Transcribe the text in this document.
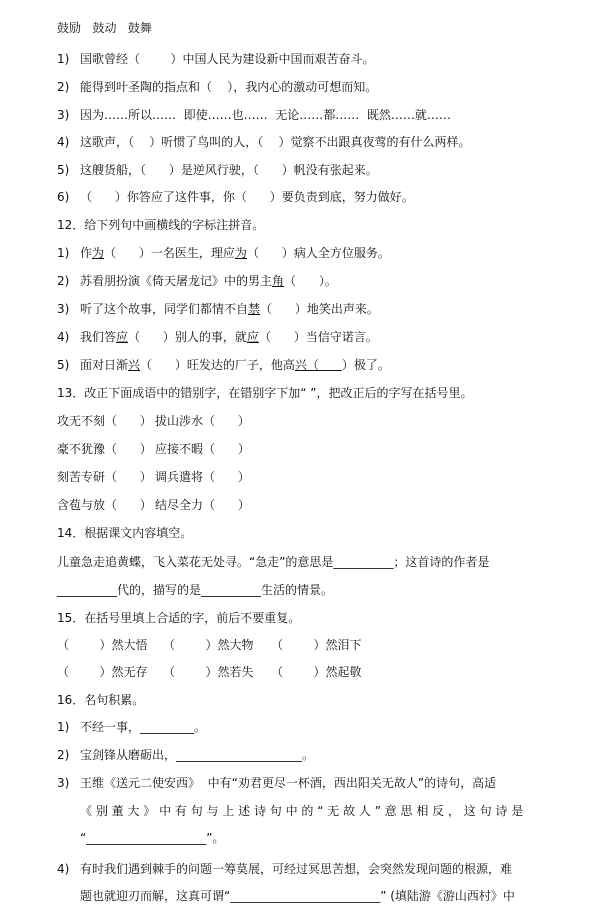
鼓励   鼓动   鼓舞
1) 国歌曾经（        ）中国人民为建设新中国而艰苦奋斗。
2) 能得到叶圣陶的指点和（    ），我内心的激动可想而知。
3) 因为……所以……  即使……也……  无论……都……  既然……就……
4) 这歌声，（    ）听惯了鸟叫的人，（    ）觉察不出跟真夜莺的有什么两样。
5) 这艘货船，（      ）是逆风行驶，（      ）帆没有张起来。
6) （      ）你答应了这件事，你（      ）要负责到底，努力做好。
12．给下列句中画横线的字标注拼音。
1) 作为（      ）一名医生，理应为（      ）病人全方位服务。
2) 苏看朋扮演《倚天屠龙记》中的男主角（      ）。
3) 听了这个故事，同学们都情不自禁（      ）地笑出声来。
4) 我们答应（      ）别人的事，就应（      ）当信守诺言。
5) 面对日渐兴（      ）旺发达的厂子，他高兴（      ）极了。
13．改正下面成语中的错别字，在错别字下加“ ”，把改正后的字写在括号里。
攻无不刻（      ） 拔山涉水（      ）
豪不犹豫（      ） 应接不暇（      ）
刻苦专研（      ） 调兵遣将（      ）
含苞与放（      ） 结尽全力（      ）
14．根据课文内容填空。
儿童急走追黄蝶，飞入菜花无处寻。“急走”的意思是__________；这首诗的作者是
__________代的，描写的是__________生活的情景。
15．在括号里填上合适的字，前后不要重复。
（        ）然大悟 （        ）然大物 （        ）然泪下
（        ）然无存 （        ）然若失 （        ）然起敬
16．名句积累。
1) 不经一事，_________。
2) 宝剑锋从磨砺出，_____________________。
3) 王维《送元二使安西》  中有“劝君更尽一杯酒，西出阳关无故人”的诗句，高适
《 别 董 大 》 中 有 句 与 上 述 诗 句 中 的 “ 无 故 人 ” 意 思 相 反 ， 这 句 诗 是
“____________________”。
4) 有时我们遇到棘手的问题一筹莫展，可经过冥思苦想，会突然发现问题的根源，难
题也就迎刃而解，这真可谓“_________________________” (填陆游《游山西村》中
